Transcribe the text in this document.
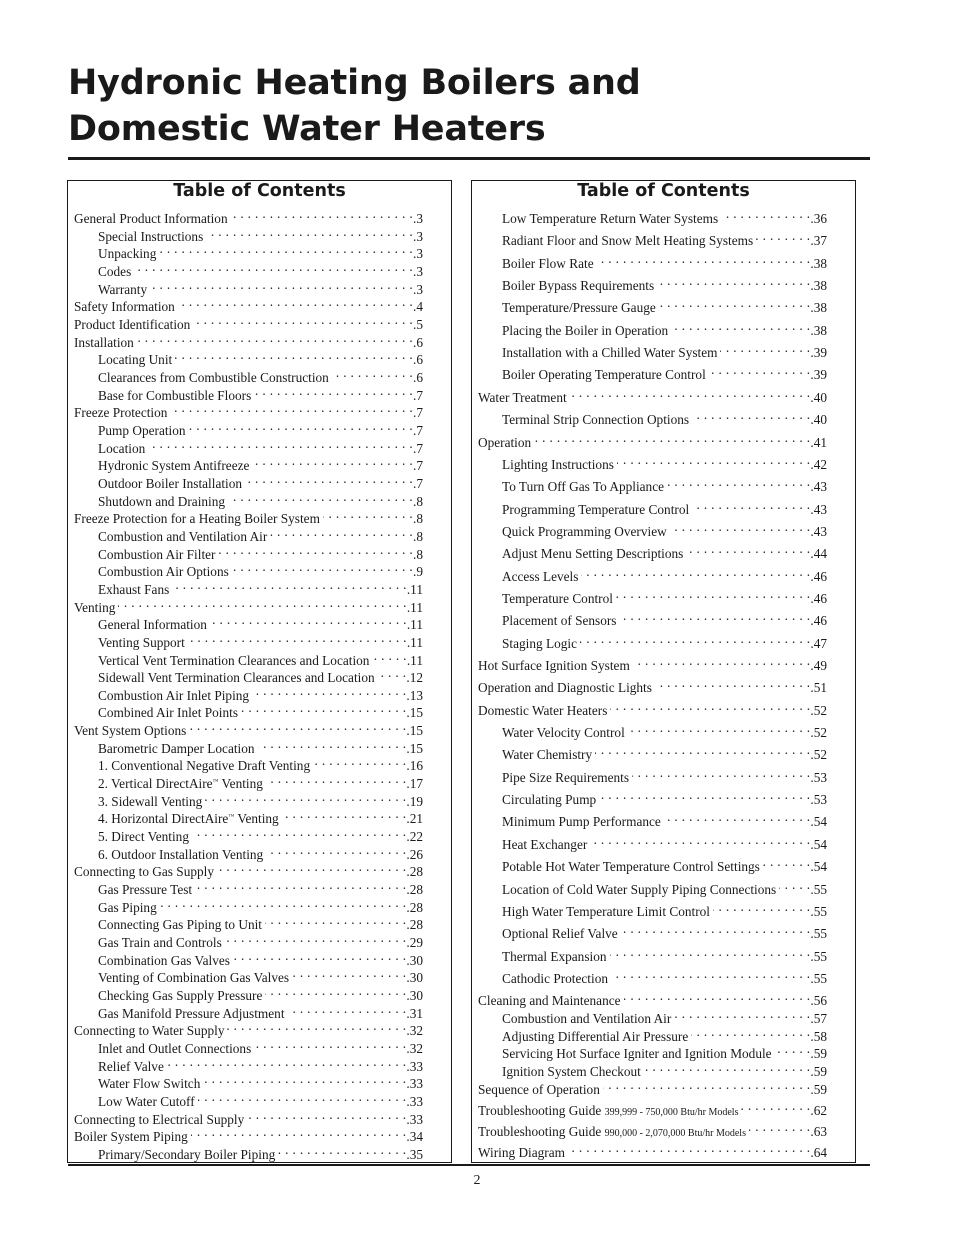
Hydronic Heating Boilers and
Domestic Water Heaters
Table of Contents
General Product Information . . .	.3
Special Instructions . . .	.3
Unpacking . . .	.3
Codes . . .	.3
Warranty . . .	.3
Safety Information . . .	.4
Product Identification . . .	.5
Installation . . .	.6
Locating Unit . . .	.6
Clearances from Combustible Construction . . .	.6
Base for Combustible Floors . . .	.7
Freeze Protection . . .	.7
Pump Operation . . .	.7
Location . . .	.7
Hydronic System Antifreeze . . .	.7
Outdoor Boiler Installation . . .	.7
Shutdown and Draining . . .	.8
Freeze Protection for a Heating Boiler System . . .	.8
Combustion and Ventilation Air . . .	.8
Combustion Air Filter . . .	.8
Combustion Air Options . . .	.9
Exhaust Fans . . .	.11
Venting . . .	.11
General Information . . .	.11
Venting Support . . .	.11
Vertical Vent Termination Clearances and Location . . .	.11
Sidewall Vent Termination Clearances and Location . . . .12
Combustion Air Inlet Piping . . .	.13
Combined Air Inlet Points . . .	.15
Vent System Options . . .	.15
Barometric Damper Location . . .	.15
1. Conventional Negative Draft Venting . . .	.16
2. Vertical DirectAire™ Venting . . .	.17
3. Sidewall Venting . . .	.19
4. Horizontal DirectAire™ Venting . . .	.21
5. Direct Venting . . .	.22
6. Outdoor Installation Venting . . .	.26
Connecting to Gas Supply . . .	.28
Gas Pressure Test . . .	.28
Gas Piping . . .	.28
Connecting Gas Piping to Unit . . .	.28
Gas Train and Controls . . .	.29
Combination Gas Valves . . .	.30
Venting of Combination Gas Valves . . .	.30
Checking Gas Supply Pressure . . .	.30
Gas Manifold Pressure Adjustment . . .	.31
Connecting to Water Supply . . .	.32
Inlet and Outlet Connections . . .	.32
Relief Valve . . .	.33
Water Flow Switch . . .	.33
Low Water Cutoff . . .	.33
Connecting to Electrical Supply . . .	.33
Boiler System Piping . . .	.34
Primary/Secondary Boiler Piping . . .	.35
Table of Contents
Low Temperature Return Water Systems . . .	.36
Radiant Floor and Snow Melt Heating Systems . . .	.37
Boiler Flow Rate . . .	.38
Boiler Bypass Requirements . . .	.38
Temperature/Pressure Gauge . . .	.38
Placing the Boiler in Operation . . .	.38
Installation with a Chilled Water System . . .	.39
Boiler Operating Temperature Control . . .	.39
Water Treatment . . .	.40
Terminal Strip Connection Options . . .	.40
Operation . . .	.41
Lighting Instructions . . .	.42
To Turn Off Gas To Appliance . . .	.43
Programming Temperature Control . . .	.43
Quick Programming Overview . . .	.43
Adjust Menu Setting Descriptions . . .	.44
Access Levels . . .	.46
Temperature Control . . .	.46
Placement of Sensors . . .	.46
Staging Logic . . .	.47
Hot Surface Ignition System . . .	.49
Operation and Diagnostic Lights . . .	.51
Domestic Water Heaters . . .	.52
Water Velocity Control . . .	.52
Water Chemistry . . .	.52
Pipe Size Requirements . . .	.53
Circulating Pump . . .	.53
Minimum Pump Performance . . .	.54
Heat Exchanger . . .	.54
Potable Hot Water Temperature Control Settings . . .	.54
Location of Cold Water Supply Piping Connections . . .	.55
High Water Temperature Limit Control . . .	.55
Optional Relief Valve . . .	.55
Thermal Expansion . . .	.55
Cathodic Protection . . .	.55
Cleaning and Maintenance . . .	.56
Combustion and Ventilation Air . . .	.57
Adjusting Differential Air Pressure . . .	.58
Servicing Hot Surface Igniter and Ignition Module . . .	.59
Ignition System Checkout . . .	.59
Sequence of Operation . . .	.59
Troubleshooting Guide 399,999 - 750,000 Btu/hr Models . . .	.62
Troubleshooting Guide 990,000 - 2,070,000 Btu/hr Models . . .	.63
Wiring Diagram . . .	.64
2
